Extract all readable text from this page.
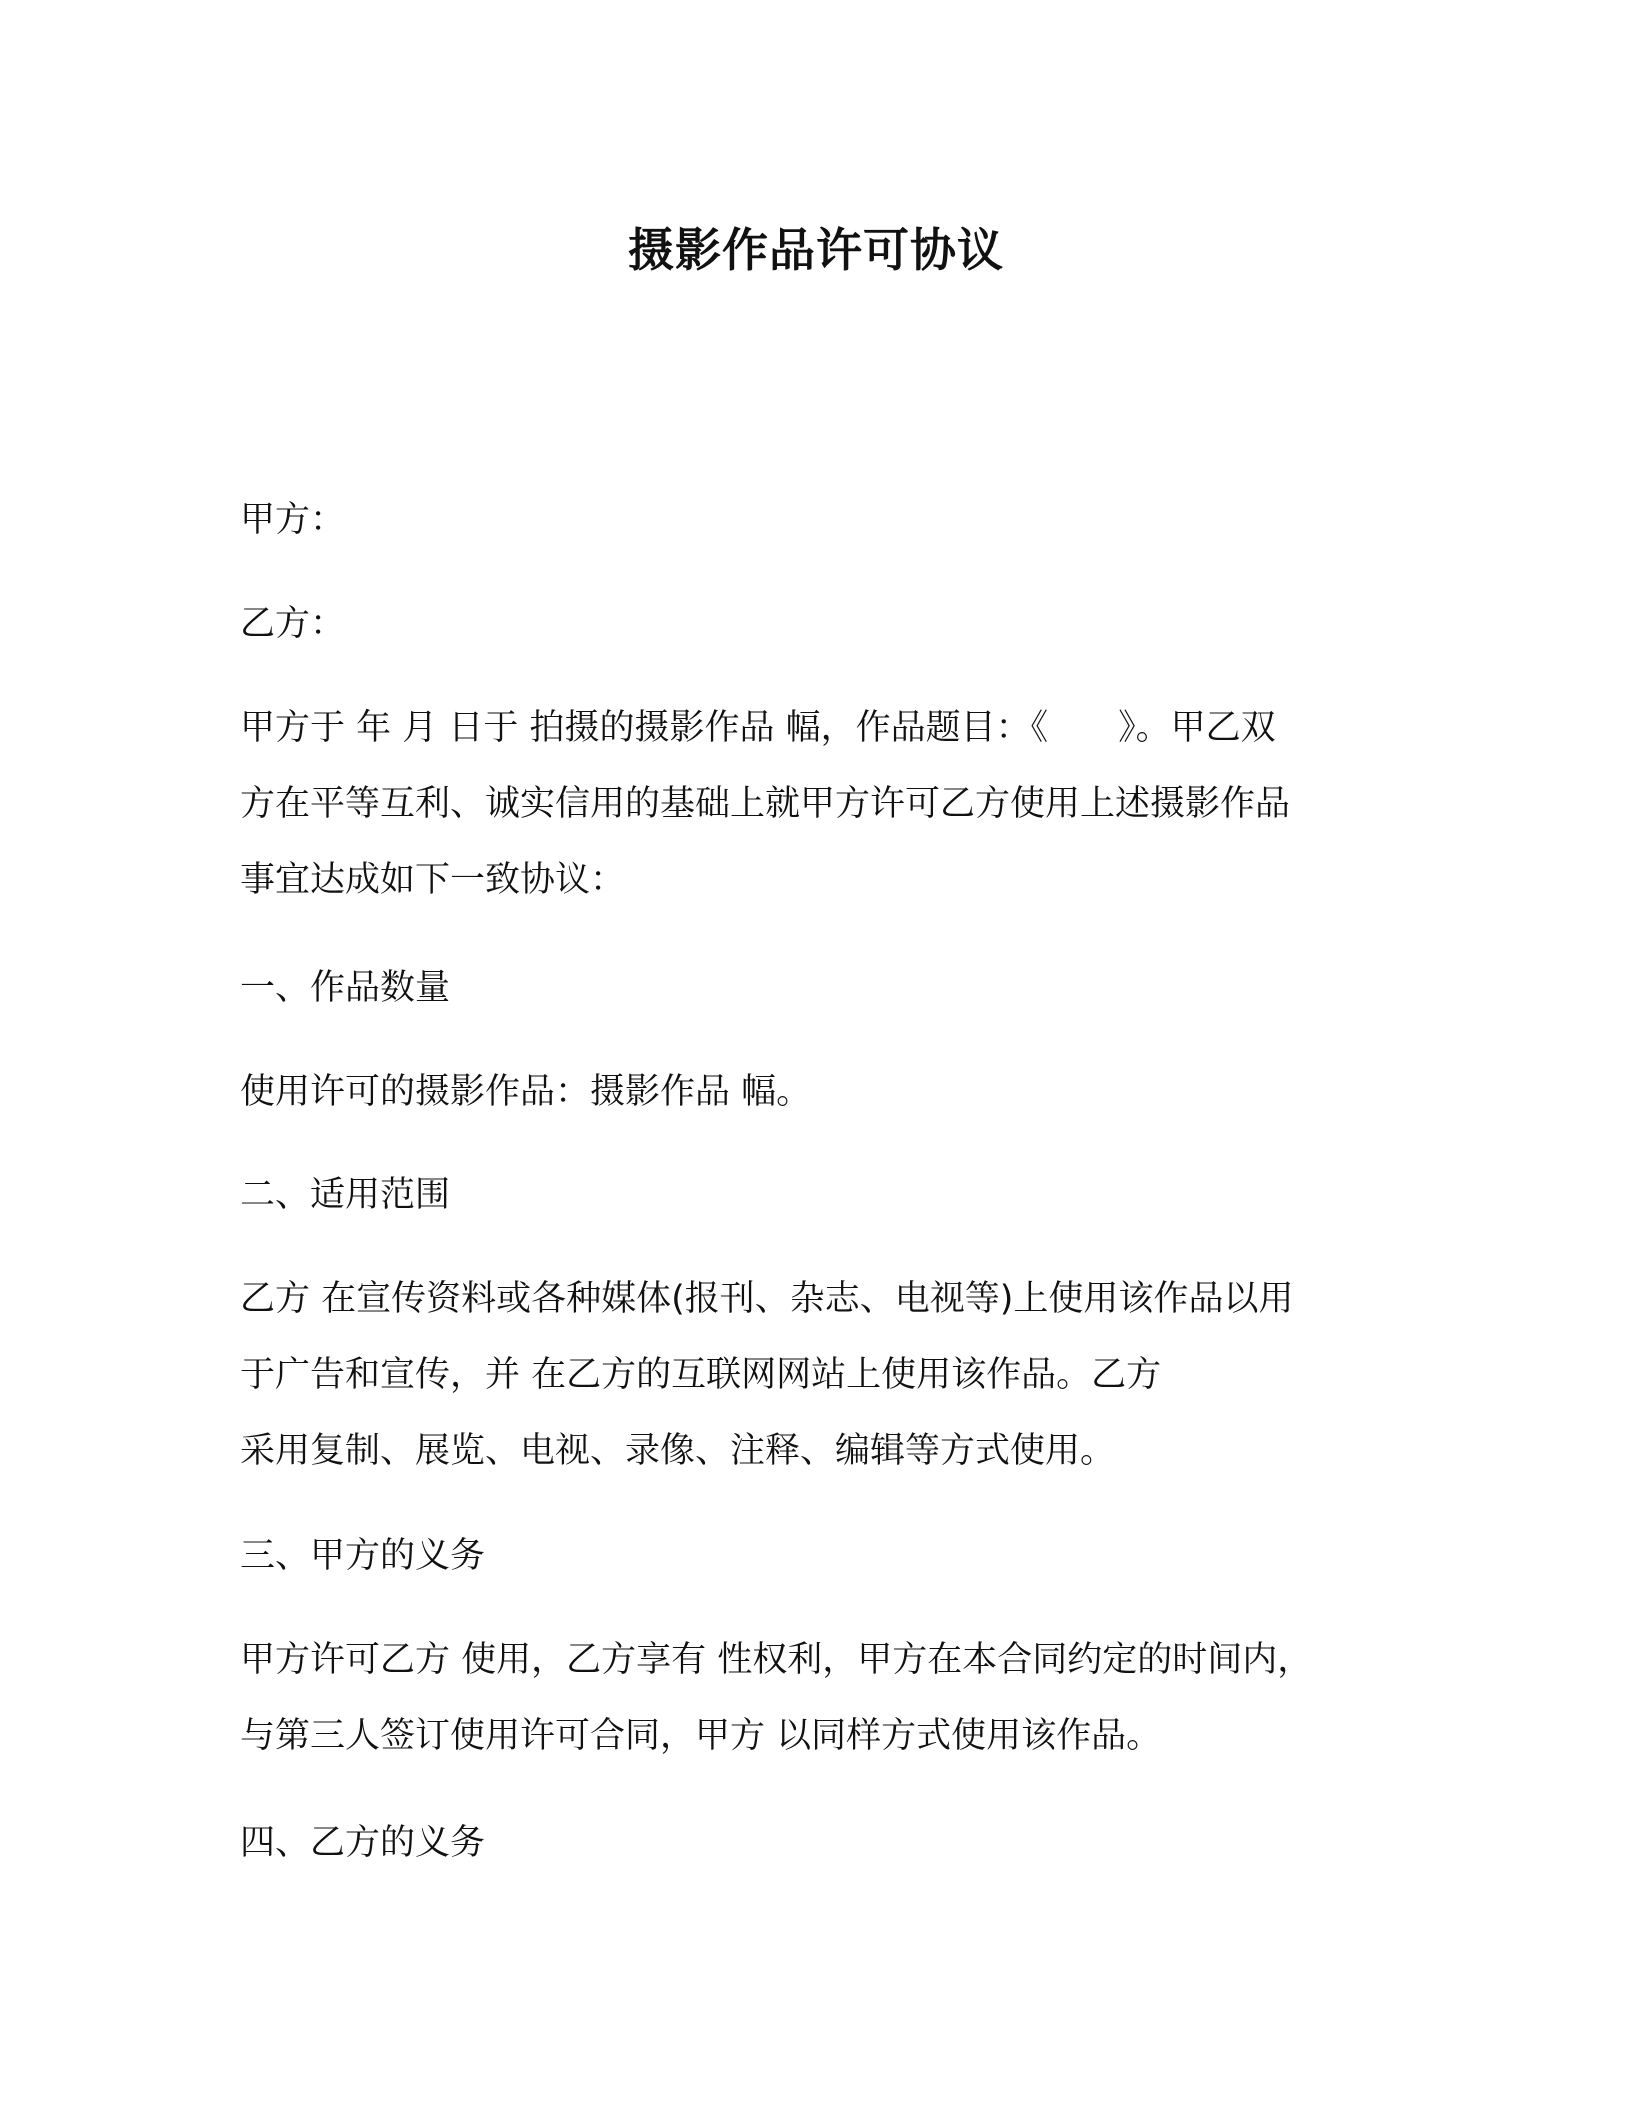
摄影作品许可协议
甲方：
乙方：
甲方于 年 月 日于 拍摄的摄影作品 幅，作品题目：《 》。甲乙双
方在平等互利、诚实信用的基础上就甲方许可乙方使用上述摄影作品
事宜达成如下一致协议：
一、作品数量
使用许可的摄影作品：摄影作品 幅。
二、适用范围
乙方 在宣传资料或各种媒体(报刊、杂志、电视等)上使用该作品以用
于广告和宣传，并 在乙方的互联网网站上使用该作品。乙方
采用复制、展览、电视、录像、注释、编辑等方式使用。
三、甲方的义务
甲方许可乙方 使用，乙方享有 性权利，甲方在本合同约定的时间内，
与第三人签订使用许可合同，甲方 以同样方式使用该作品。
四、乙方的义务
